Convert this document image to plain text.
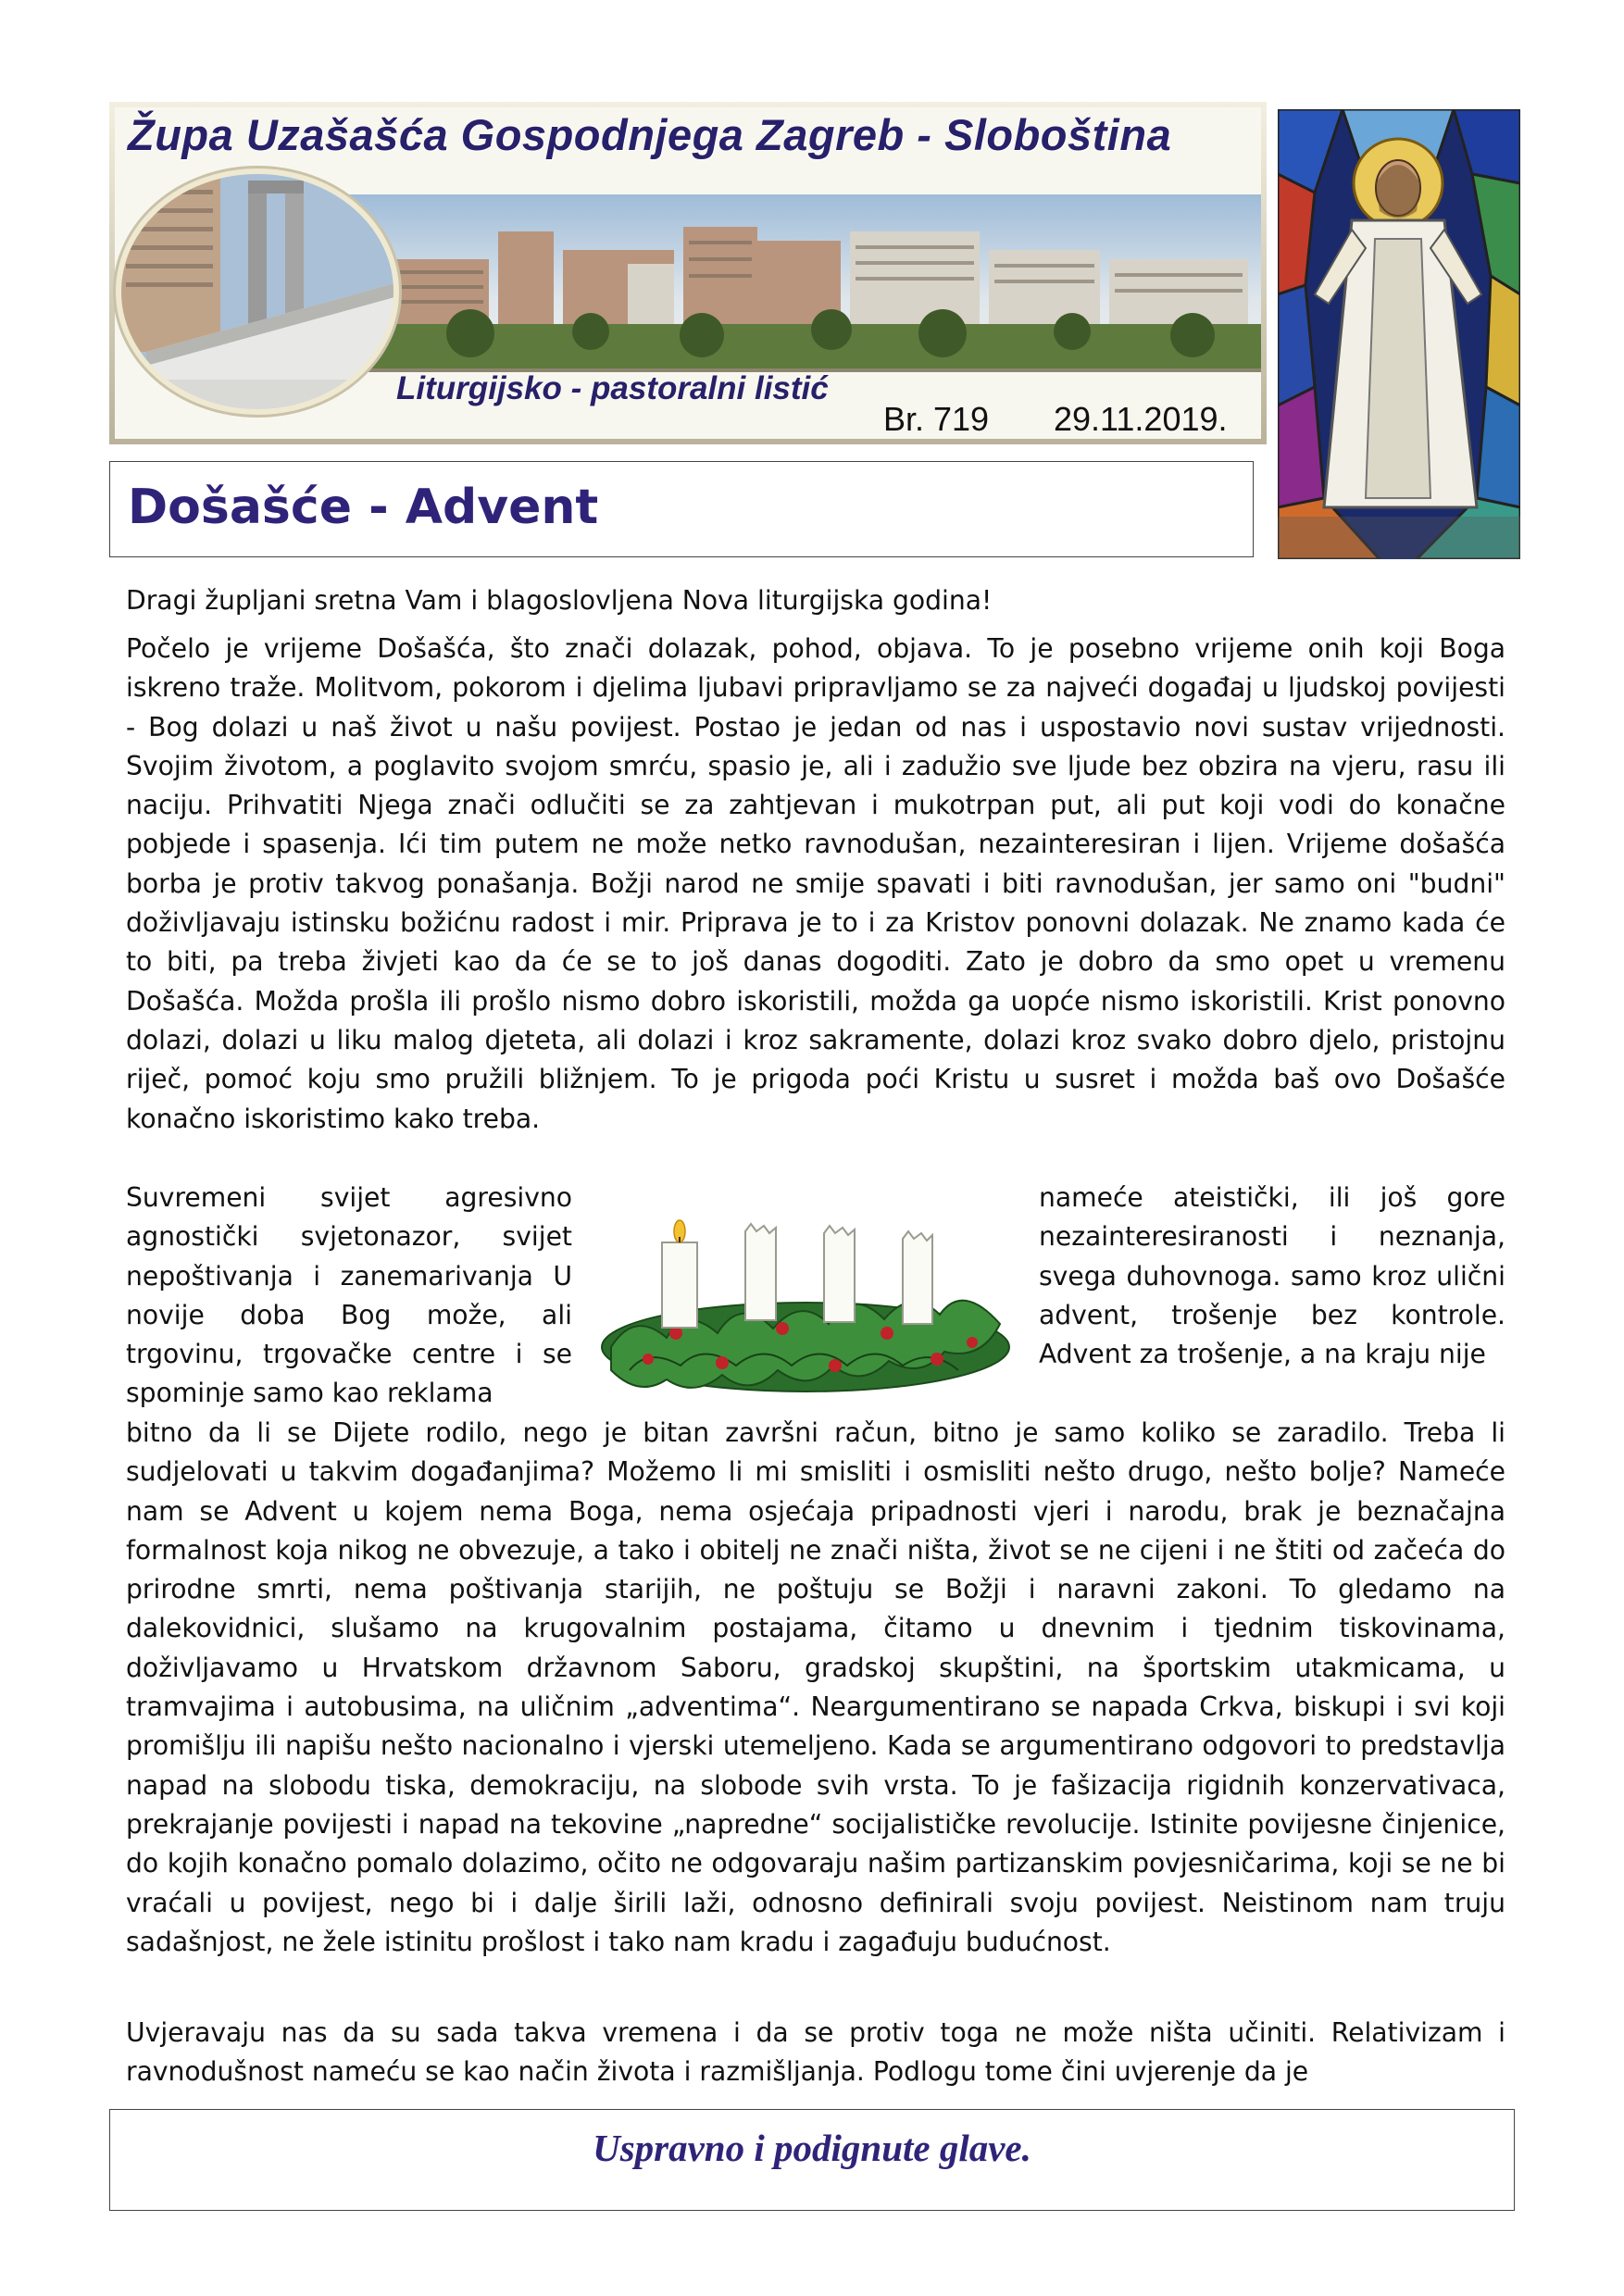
Župa Uzašašća Gospodnjega Zagreb - Sloboština
Liturgijsko - pastoralni listić
Br. 719 29.11.2019.
Došašće - Advent

Dragi župljani sretna Vam i blagoslovljena Nova liturgijska godina!

Počelo je vrijeme Došašća, što znači dolazak, pohod, objava. To je posebno vrijeme onih koji Boga iskreno traže. Molitvom, pokorom i djelima ljubavi pripravljamo se za najveći događaj u ljudskoj povijesti - Bog dolazi u naš život u našu povijest. Postao je jedan od nas i uspostavio novi sustav vrijednosti. Svojim životom, a poglavito svojom smrću, spasio je, ali i zadužio sve ljude bez obzira na vjeru, rasu ili naciju. Prihvatiti Njega znači odlučiti se za zahtjevan i mukotrpan put, ali put koji vodi do konačne pobjede i spasenja. Ići tim putem ne može netko ravnodušan, nezainteresiran i lijen. Vrijeme došašća borba je protiv takvog ponašanja. Božji narod ne smije spavati i biti ravnodušan, jer samo oni "budni" doživljavaju istinsku božićnu radost i mir. Priprava je to i za Kristov ponovni dolazak. Ne znamo kada će to biti, pa treba živjeti kao da će se to još danas dogoditi. Zato je dobro da smo opet u vremenu Došašća. Možda prošla ili prošlo nismo dobro iskoristili, možda ga uopće nismo iskoristili. Krist ponovno dolazi, dolazi u liku malog djeteta, ali dolazi i kroz sakramente, dolazi kroz svako dobro djelo, pristojnu riječ, pomoć koju smo pružili bližnjem. To je prigoda poći Kristu u susret i možda baš ovo Došašće konačno iskoristimo kako treba.

Suvremeni svijet agresivno agnostički svjetonazor, svijet nepoštivanja i zanemarivanja U novije doba Bog može, ali trgovinu, trgovačke centre i se spominje samo kao reklama

nameće ateistički, ili još gore nezainteresiranosti i neznanja, svega duhovnoga. samo kroz ulični advent, trošenje bez kontrole. Advent za trošenje, a na kraju nije

bitno da li se Dijete rodilo, nego je bitan završni račun, bitno je samo koliko se zaradilo. Treba li sudjelovati u takvim događanjima? Možemo li mi smisliti i osmisliti nešto drugo, nešto bolje? Nameće nam se Advent u kojem nema Boga, nema osjećaja pripadnosti vjeri i narodu, brak je beznačajna formalnost koja nikog ne obvezuje, a tako i obitelj ne znači ništa, život se ne cijeni i ne štiti od začeća do prirodne smrti, nema poštivanja starijih, ne poštuju se Božji i naravni zakoni. To gledamo na dalekovidnici, slušamo na krugovalnim postajama, čitamo u dnevnim i tjednim tiskovinama, doživljavamo u Hrvatskom državnom Saboru, gradskoj skupštini, na športskim utakmicama, u tramvajima i autobusima, na uličnim „adventima“. Neargumentirano se napada Crkva, biskupi i svi koji promišlju ili napišu nešto nacionalno i vjerski utemeljeno. Kada se argumentirano odgovori to predstavlja napad na slobodu tiska, demokraciju, na slobode svih vrsta. To je fašizacija rigidnih konzervativaca, prekrajanje povijesti i napad na tekovine „napredne“ socijalističke revolucije. Istinite povijesne činjenice, do kojih konačno pomalo dolazimo, očito ne odgovaraju našim partizanskim povjesničarima, koji se ne bi vraćali u povijest, nego bi i dalje širili laži, odnosno definirali svoju povijest. Neistinom nam truju sadašnjost, ne žele istinitu prošlost i tako nam kradu i zagađuju budućnost.

Uvjeravaju nas da su sada takva vremena i da se protiv toga ne može ništa učiniti. Relativizam i ravnodušnost nameću se kao način života i razmišljanja. Podlogu tome čini uvjerenje da je

Uspravno i podignute glave.
